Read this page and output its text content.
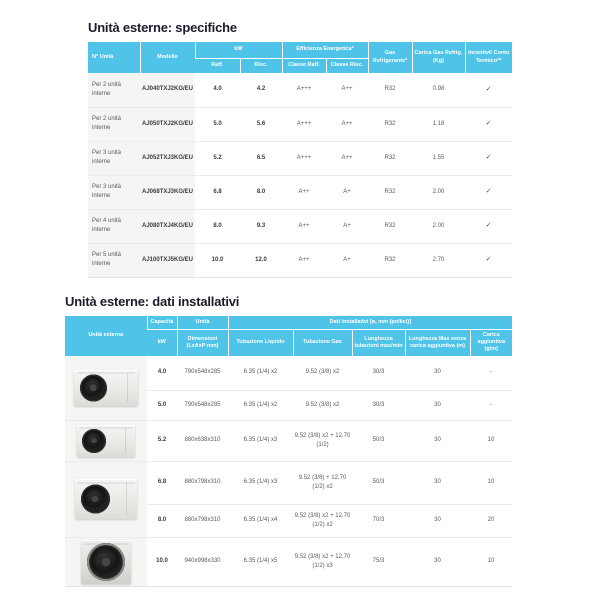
Unità esterne: specifiche
N° Unità	Modello	kW		Efficienza Energetica*		Gas Refrigerante*	Carica Gas Refrig. (Kg)	Incentivi/ Conto Termico**
		Raff.	Risc.	Classe Raff.	Classe Risc.			
Per 2 unità interne	AJ040TXJ2KG/EU	4.0	4.2	A+++	A++	R32	0.98	✓
Per 2 unità interne	AJ050TXJ2KG/EU	5.0	5.6	A+++	A++	R32	1.18	✓
Per 3 unità interne	AJ052TXJ3KG/EU	5.2	6.5	A+++	A++	R32	1.55	✓
Per 3 unità interne	AJ068TXJ3KG/EU	6.8	8.0	A++	A+	R32	2.00	✓
Per 4 unità interne	AJ080TXJ4KG/EU	8.0	9.3	A++	A+	R32	2.00	✓
Per 5 unità interne	AJ100TXJ5KG/EU	10.0	12.0	A++	A+	R32	2.70	✓
Unità esterne: dati installativi
Unità esterna	Capacità	Unità	Dati installativi [ø, mm (pollici)]				
	kW	Dimensioni (LxAxP mm)	Tubazione Liquido	Tubazione Gas	Lunghezza tubazioni max/min	Lunghezza Max senza carica aggiuntiva (m)	Carica aggiuntiva (g/m)

	4.0	790x548x285	6.35 (1/4) x2	9.52 (3/8) x2	30/3	30	-
	5.0	790x548x285	6.35 (1/4) x2	9.52 (3/8) x2	30/3	30	-

	5.2	880x638x310	6.35 (1/4) x3	9.52 (3/8) x2 + 12.70 (1/2)	50/3	30	10

	6.8	880x798x310	6.35 (1/4) x3	9.52 (3/8) + 12.70 (1/2) x2	50/3	30	10
	8.0	880x798x310	6.35 (1/4) x4	9.52 (3/8) x2 + 12.70 (1/2) x2	70/3	30	20

	10.0	940x998x330	6.35 (1/4) x5	9.52 (3/8) x2 + 12.70 (1/2) x3	75/3	30	10
